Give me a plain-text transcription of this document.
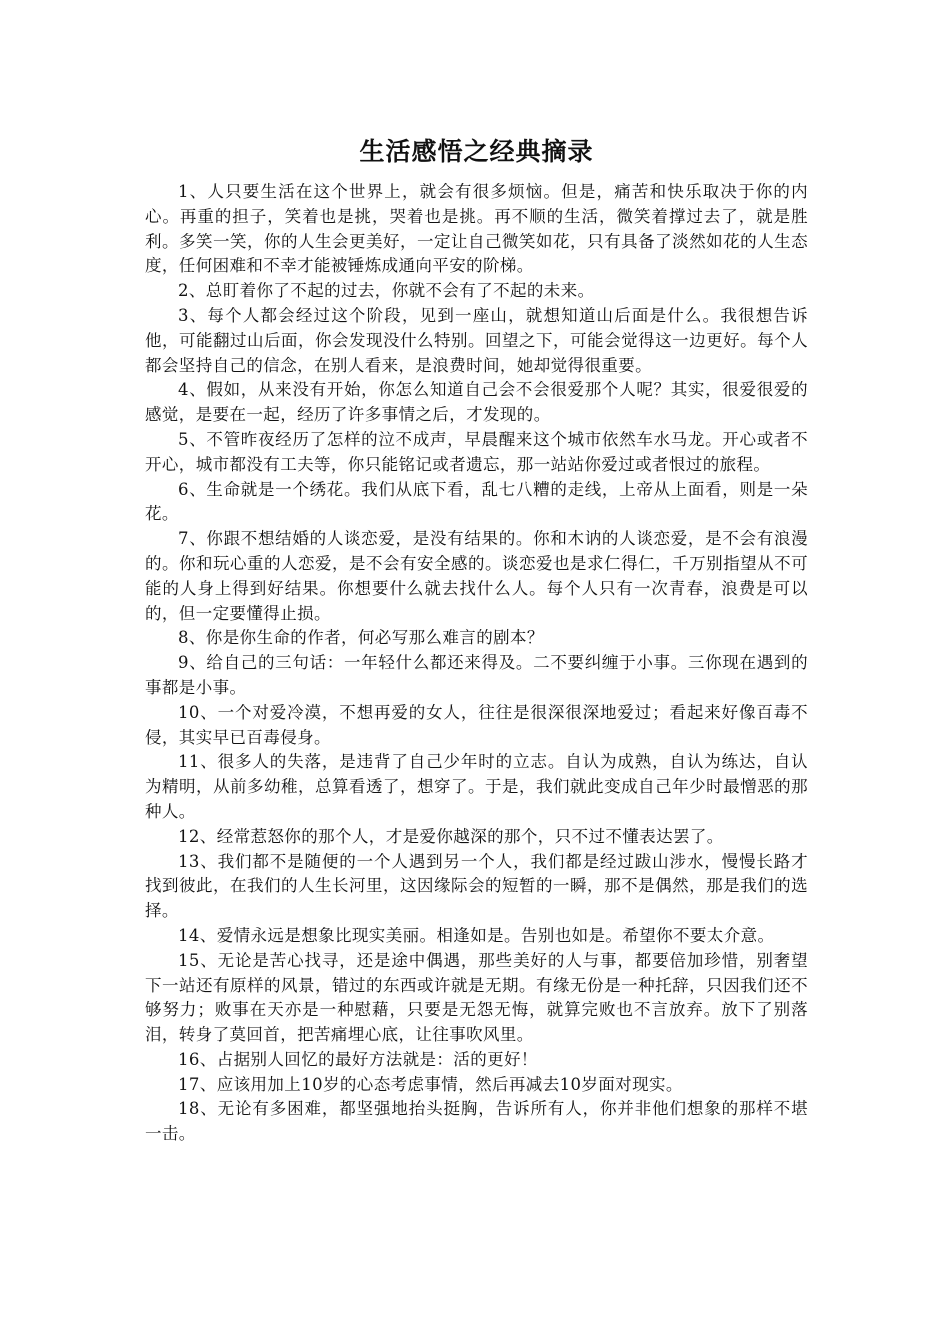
生活感悟之经典摘录

1、人只要生活在这个世界上，就会有很多烦恼。但是，痛苦和快乐取决于你的内心。再重的担子，笑着也是挑，哭着也是挑。再不顺的生活，微笑着撑过去了，就是胜利。多笑一笑，你的人生会更美好，一定让自己微笑如花，只有具备了淡然如花的人生态度，任何困难和不幸才能被锤炼成通向平安的阶梯。

2、总盯着你了不起的过去，你就不会有了不起的未来。

3、每个人都会经过这个阶段，见到一座山，就想知道山后面是什么。我很想告诉他，可能翻过山后面，你会发现没什么特别。回望之下，可能会觉得这一边更好。每个人都会坚持自己的信念，在别人看来，是浪费时间，她却觉得很重要。

4、假如，从来没有开始，你怎么知道自己会不会很爱那个人呢？其实，很爱很爱的感觉，是要在一起，经历了许多事情之后，才发现的。

5、不管昨夜经历了怎样的泣不成声，早晨醒来这个城市依然车水马龙。开心或者不开心，城市都没有工夫等，你只能铭记或者遗忘，那一站站你爱过或者恨过的旅程。

6、生命就是一个绣花。我们从底下看，乱七八糟的走线，上帝从上面看，则是一朵花。

7、你跟不想结婚的人谈恋爱，是没有结果的。你和木讷的人谈恋爱，是不会有浪漫的。你和玩心重的人恋爱，是不会有安全感的。谈恋爱也是求仁得仁，千万别指望从不可能的人身上得到好结果。你想要什么就去找什么人。每个人只有一次青春，浪费是可以的，但一定要懂得止损。

8、你是你生命的作者，何必写那么难言的剧本？

9、给自己的三句话：一年轻什么都还来得及。二不要纠缠于小事。三你现在遇到的事都是小事。

10、一个对爱冷漠，不想再爱的女人，往往是很深很深地爱过；看起来好像百毒不侵，其实早已百毒侵身。

11、很多人的失落，是违背了自己少年时的立志。自认为成熟，自认为练达，自认为精明，从前多幼稚，总算看透了，想穿了。于是，我们就此变成自己年少时最憎恶的那种人。

12、经常惹怒你的那个人，才是爱你越深的那个，只不过不懂表达罢了。

13、我们都不是随便的一个人遇到另一个人，我们都是经过跋山涉水，慢慢长路才找到彼此，在我们的人生长河里，这因缘际会的短暂的一瞬，那不是偶然，那是我们的选择。

14、爱情永远是想象比现实美丽。相逢如是。告别也如是。希望你不要太介意。

15、无论是苦心找寻，还是途中偶遇，那些美好的人与事，都要倍加珍惜，别奢望下一站还有原样的风景，错过的东西或许就是无期。有缘无份是一种托辞，只因我们还不够努力；败事在天亦是一种慰藉，只要是无怨无悔，就算完败也不言放弃。放下了别落泪，转身了莫回首，把苦痛埋心底，让往事吹风里。

16、占据别人回忆的最好方法就是：活的更好！

17、应该用加上10岁的心态考虑事情，然后再减去10岁面对现实。

18、无论有多困难，都坚强地抬头挺胸，告诉所有人，你并非他们想象的那样不堪一击。
